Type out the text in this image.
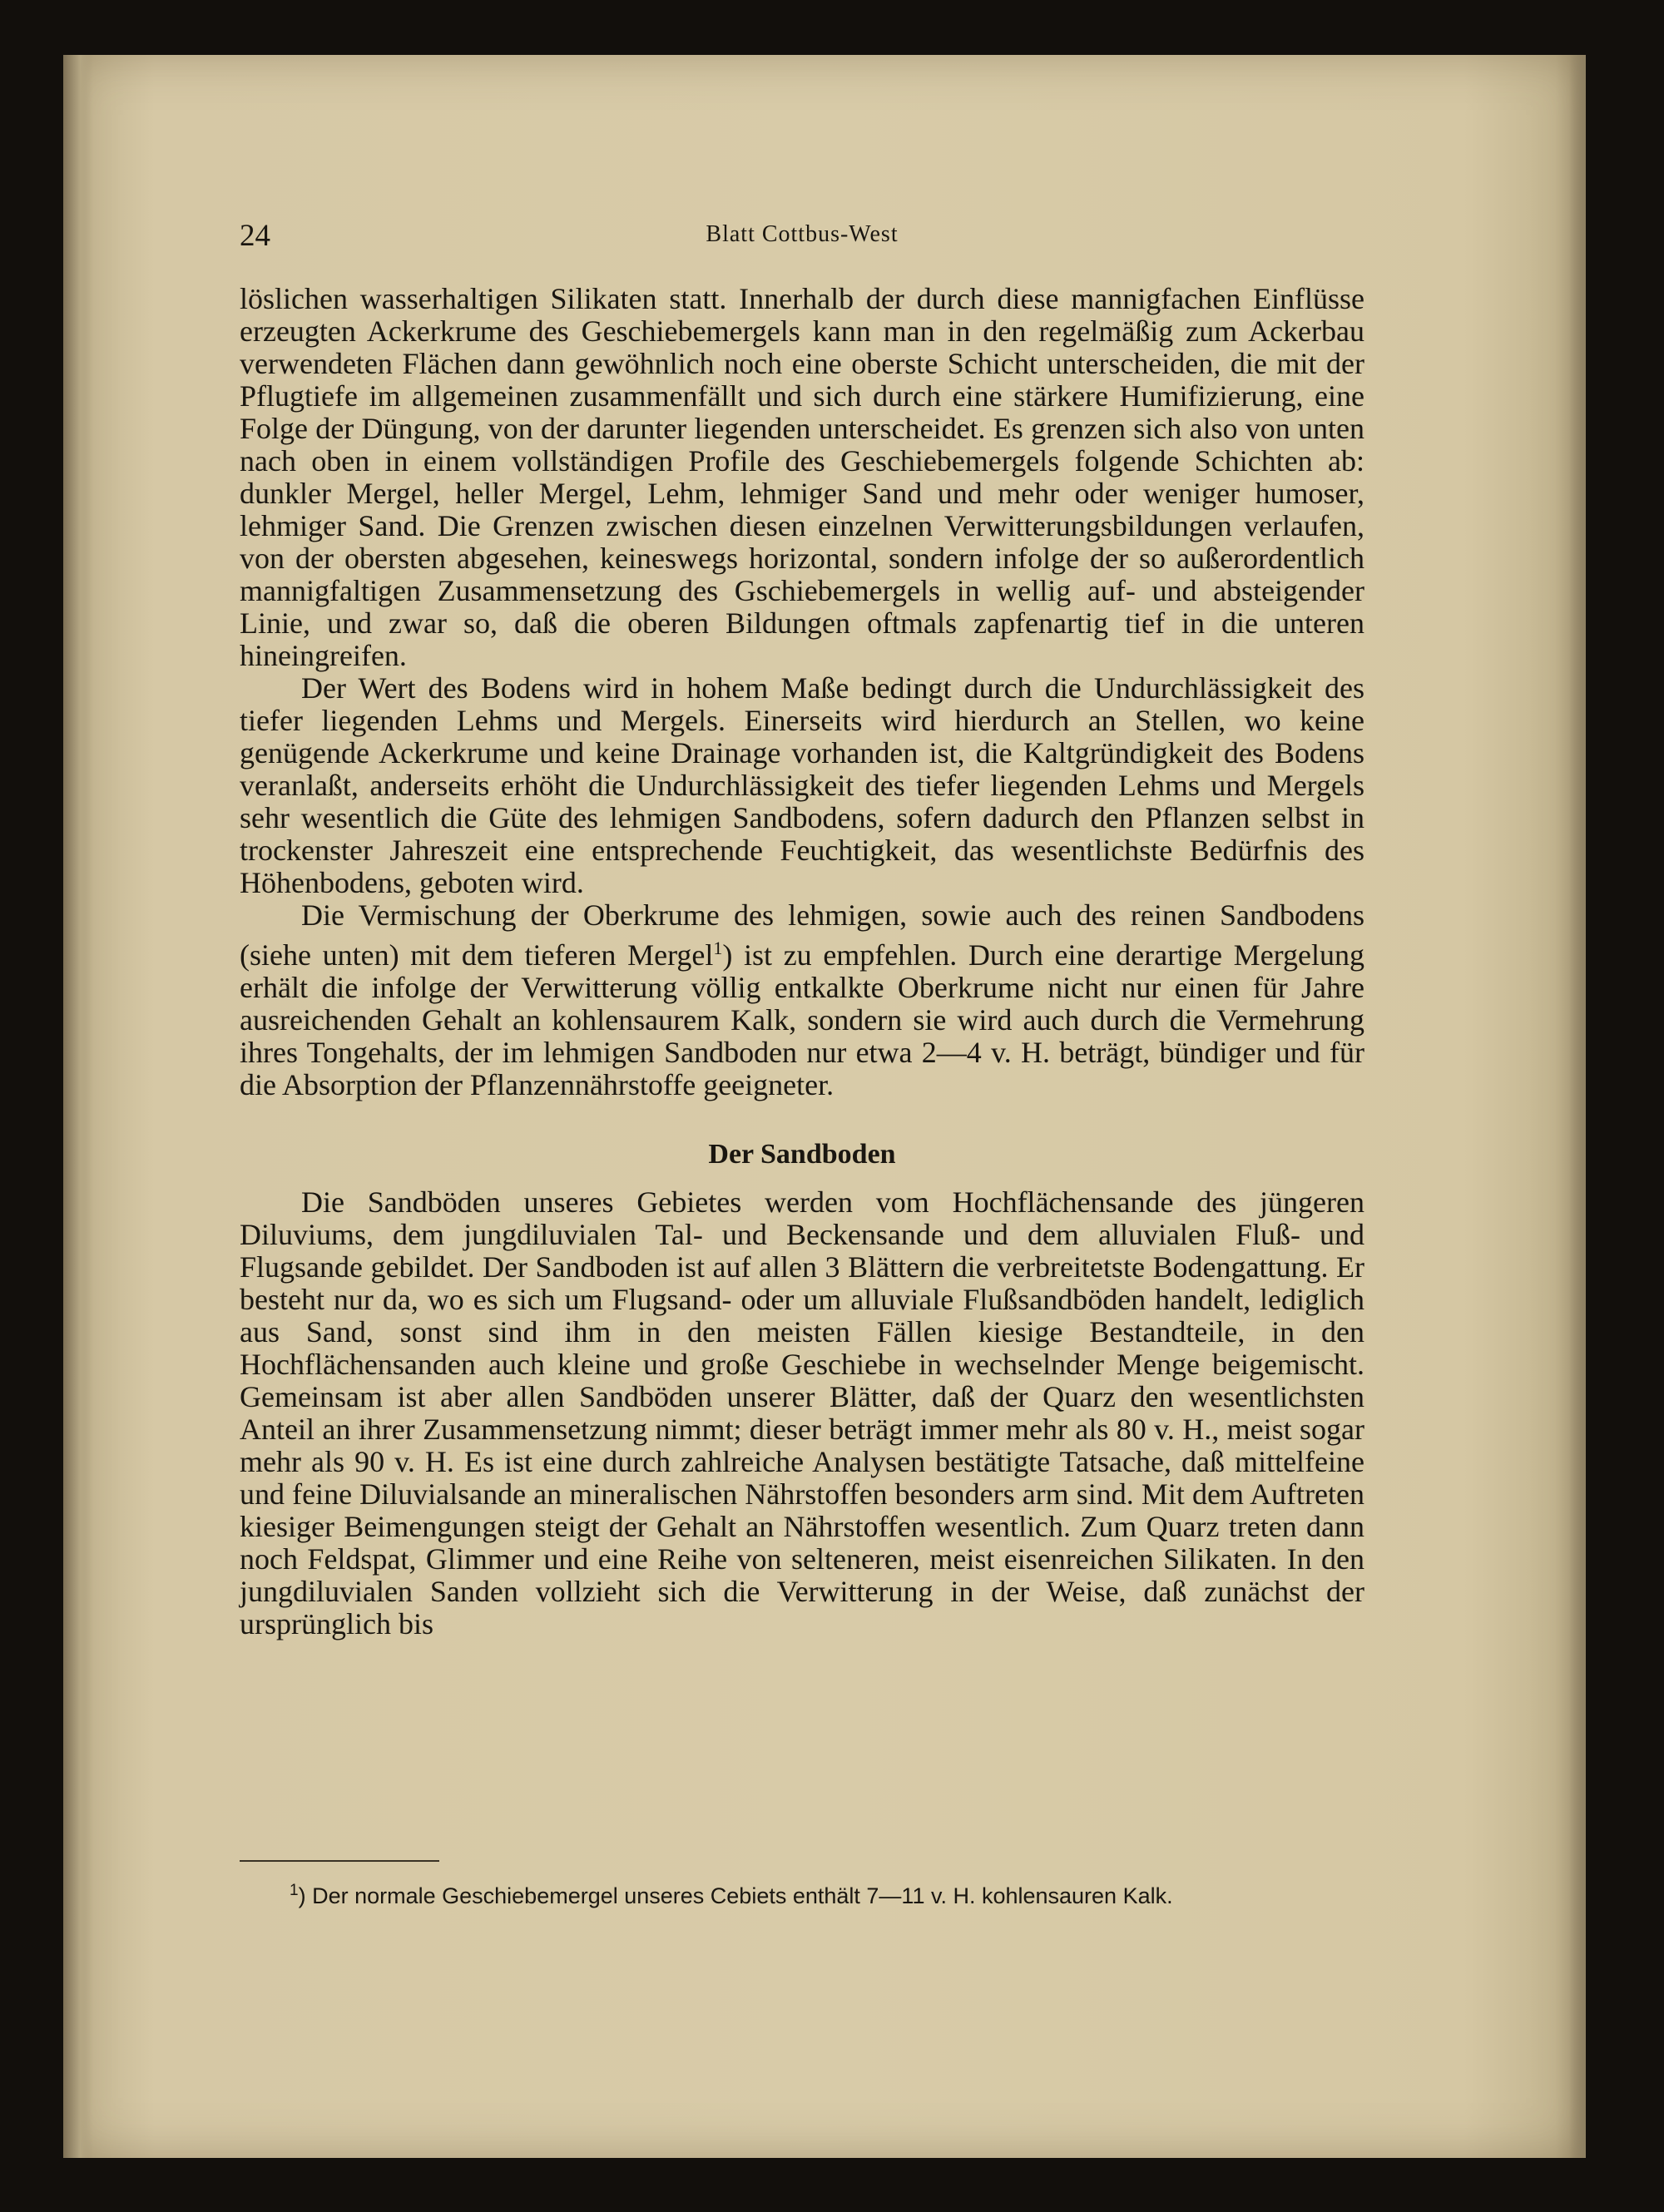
24	Blatt Cottbus-West

löslichen wasserhaltigen Silikaten statt. Innerhalb der durch diese mannigfachen Einflüsse erzeugten Ackerkrume des Geschiebemergels kann man in den regelmäßig zum Ackerbau verwendeten Flächen dann gewöhnlich noch eine oberste Schicht unterscheiden, die mit der Pflugtiefe im allgemeinen zusammenfällt und sich durch eine stärkere Humifizierung, eine Folge der Düngung, von der darunter liegenden unterscheidet. Es grenzen sich also von unten nach oben in einem vollständigen Profile des Geschiebemergels folgende Schichten ab: dunkler Mergel, heller Mergel, Lehm, lehmiger Sand und mehr oder weniger humoser, lehmiger Sand. Die Grenzen zwischen diesen einzelnen Verwitterungsbildungen verlaufen, von der obersten abgesehen, keineswegs horizontal, sondern infolge der so außerordentlich mannigfaltigen Zusammensetzung des Gschiebemergels in wellig auf- und absteigender Linie, und zwar so, daß die oberen Bildungen oftmals zapfenartig tief in die unteren hineingreifen.

Der Wert des Bodens wird in hohem Maße bedingt durch die Undurchlässigkeit des tiefer liegenden Lehms und Mergels. Einerseits wird hierdurch an Stellen, wo keine genügende Ackerkrume und keine Drainage vorhanden ist, die Kaltgründigkeit des Bodens veranlaßt, anderseits erhöht die Undurchlässigkeit des tiefer liegenden Lehms und Mergels sehr wesentlich die Güte des lehmigen Sandbodens, sofern dadurch den Pflanzen selbst in trockenster Jahreszeit eine entsprechende Feuchtigkeit, das wesentlichste Bedürfnis des Höhenbodens, geboten wird.

Die Vermischung der Oberkrume des lehmigen, sowie auch des reinen Sandbodens (siehe unten) mit dem tieferen Mergel$^1$) ist zu empfehlen. Durch eine derartige Mergelung erhält die infolge der Verwitterung völlig entkalkte Oberkrume nicht nur einen für Jahre ausreichenden Gehalt an kohlensaurem Kalk, sondern sie wird auch durch die Vermehrung ihres Tongehalts, der im lehmigen Sandboden nur etwa 2—4 v. H. beträgt, bündiger und für die Absorption der Pflanzennährstoffe geeigneter.

Der Sandboden

Die Sandböden unseres Gebietes werden vom Hochflächensande des jüngeren Diluviums, dem jungdiluvialen Tal- und Beckensande und dem alluvialen Fluß- und Flugsande gebildet. Der Sandboden ist auf allen 3 Blättern die verbreitetste Bodengattung. Er besteht nur da, wo es sich um Flugsand- oder um alluviale Flußsandböden handelt, lediglich aus Sand, sonst sind ihm in den meisten Fällen kiesige Bestandteile, in den Hochflächensanden auch kleine und große Geschiebe in wechselnder Menge beigemischt. Gemeinsam ist aber allen Sandböden unserer Blätter, daß der Quarz den wesentlichsten Anteil an ihrer Zusammensetzung nimmt; dieser beträgt immer mehr als 80 v. H., meist sogar mehr als 90 v. H. Es ist eine durch zahlreiche Analysen bestätigte Tatsache, daß mittelfeine und feine Diluvialsande an mineralischen Nährstoffen besonders arm sind. Mit dem Auftreten kiesiger Beimengungen steigt der Gehalt an Nährstoffen wesentlich. Zum Quarz treten dann noch Feldspat, Glimmer und eine Reihe von selteneren, meist eisenreichen Silikaten. In den jungdiluvialen Sanden vollzieht sich die Verwitterung in der Weise, daß zunächst der ursprünglich bis

$^1$) Der normale Geschiebemergel unseres Cebiets enthält 7—11 v. H. kohlensauren Kalk.
